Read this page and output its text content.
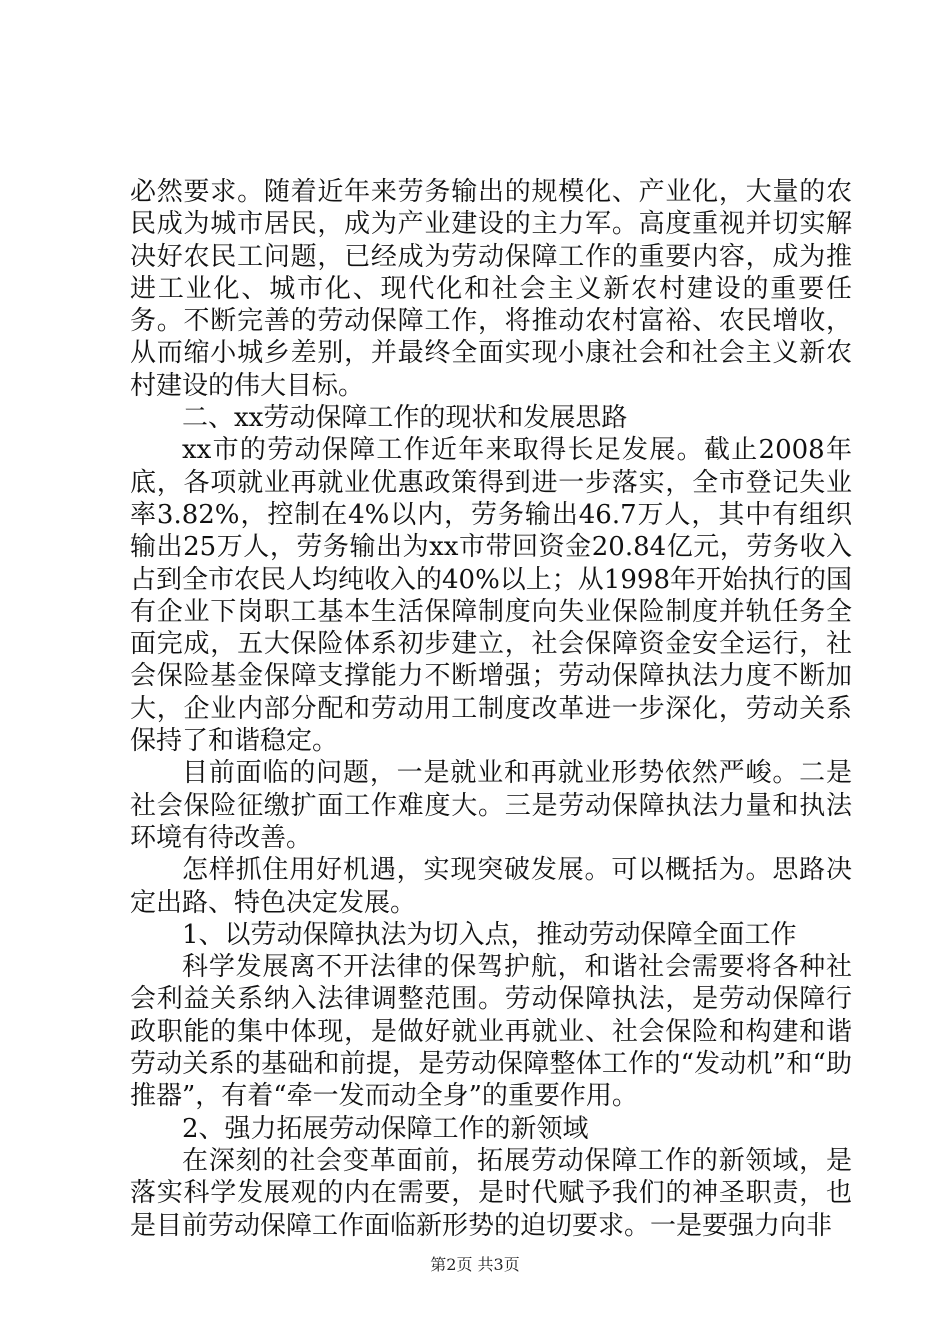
必然要求。随着近年来劳务输出的规模化、产业化，大量的农民成为城市居民，成为产业建设的主力军。高度重视并切实解决好农民工问题，已经成为劳动保障工作的重要内容，成为推进工业化、城市化、现代化和社会主义新农村建设的重要任务。不断完善的劳动保障工作，将推动农村富裕、农民增收，从而缩小城乡差别，并最终全面实现小康社会和社会主义新农村建设的伟大目标。

二、xx劳动保障工作的现状和发展思路

xx市的劳动保障工作近年来取得长足发展。截止2008年底，各项就业再就业优惠政策得到进一步落实，全市登记失业率3.82%，控制在4%以内，劳务输出46.7万人，其中有组织输出25万人，劳务输出为xx市带回资金20.84亿元，劳务收入占到全市农民人均纯收入的40%以上；从1998年开始执行的国有企业下岗职工基本生活保障制度向失业保险制度并轨任务全面完成，五大保险体系初步建立，社会保障资金安全运行，社会保险基金保障支撑能力不断增强；劳动保障执法力度不断加大，企业内部分配和劳动用工制度改革进一步深化，劳动关系保持了和谐稳定。

目前面临的问题，一是就业和再就业形势依然严峻。二是社会保险征缴扩面工作难度大。三是劳动保障执法力量和执法环境有待改善。

怎样抓住用好机遇，实现突破发展。可以概括为。思路决定出路、特色决定发展。

1、以劳动保障执法为切入点，推动劳动保障全面工作

科学发展离不开法律的保驾护航，和谐社会需要将各种社会利益关系纳入法律调整范围。劳动保障执法，是劳动保障行政职能的集中体现，是做好就业再就业、社会保险和构建和谐劳动关系的基础和前提，是劳动保障整体工作的“发动机”和“助推器”，有着“牵一发而动全身”的重要作用。

2、强力拓展劳动保障工作的新领域

在深刻的社会变革面前，拓展劳动保障工作的新领域，是落实科学发展观的内在需要，是时代赋予我们的神圣职责，也是目前劳动保障工作面临新形势的迫切要求。一是要强力向非

第2页 共3页
